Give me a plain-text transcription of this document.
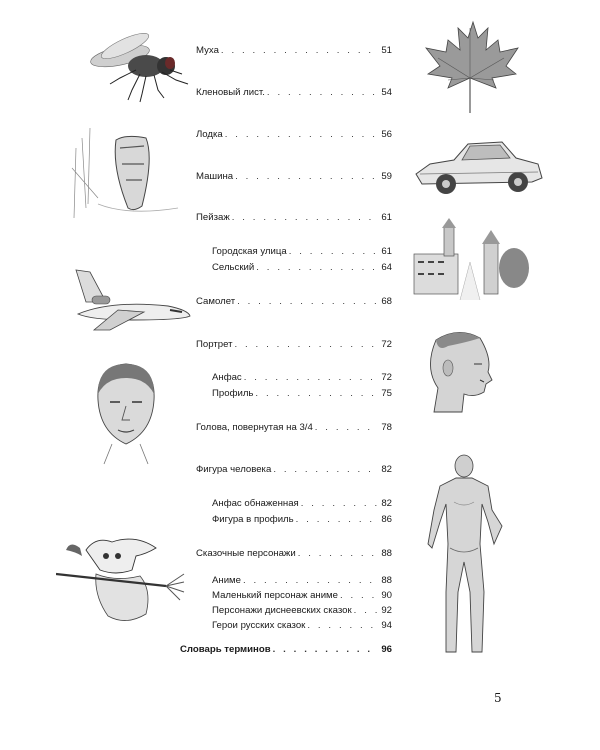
Муха . . .	51
Кленовый лист. . . .	54
Лодка . . .	56
Машина . . .	59
Пейзаж . . .	61
Городская улица . . .	61
Сельский . . .	64
Самолет . . .	68
Портрет . . .	72
Анфас . . .	72
Профиль . . .	75
Голова, повернутая на 3/4 . . .	78
Фигура человека . . .	82
Анфас обнаженная . . .	82
Фигура в профиль . . .	86
Сказочные персонажи . . .	88
Аниме . . .	88
Маленький персонаж аниме . . .	90
Персонажи диснеевских сказок . . .	92
Герои русских сказок . . .	94
Словарь терминов . . .	96
5
